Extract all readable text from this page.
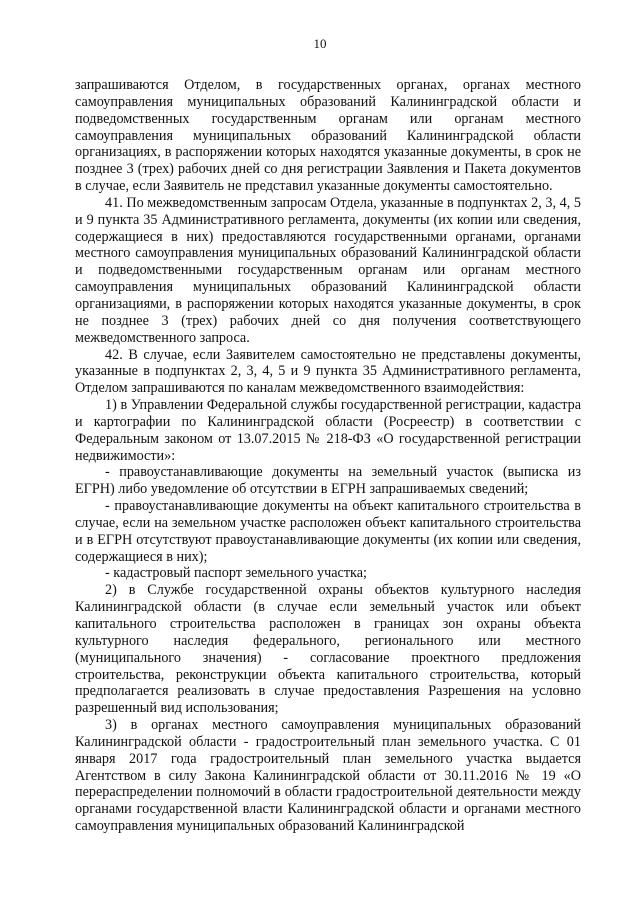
10

запрашиваются Отделом, в государственных органах, органах местного самоуправления муниципальных образований Калининградской области и подведомственных государственным органам или органам местного самоуправления муниципальных образований Калининградской области организациях, в распоряжении которых находятся указанные документы, в срок не позднее 3 (трех) рабочих дней со дня регистрации Заявления и Пакета документов в случае, если Заявитель не представил указанные документы самостоятельно.

41. По межведомственным запросам Отдела, указанные в подпунктах 2, 3, 4, 5 и 9 пункта 35 Административного регламента, документы (их копии или сведения, содержащиеся в них) предоставляются государственными органами, органами местного самоуправления муниципальных образований Калининградской области и подведомственными государственным органам или органам местного самоуправления муниципальных образований Калининградской области организациями, в распоряжении которых находятся указанные документы, в срок не позднее 3 (трех) рабочих дней со дня получения соответствующего межведомственного запроса.

42. В случае, если Заявителем самостоятельно не представлены документы, указанные в подпунктах 2, 3, 4, 5 и 9 пункта 35 Административного регламента, Отделом запрашиваются по каналам межведомственного взаимодействия:

1) в Управлении Федеральной службы государственной регистрации, кадастра и картографии по Калининградской области (Росреестр) в соответствии с Федеральным законом от 13.07.2015 № 218-ФЗ «О государственной регистрации недвижимости»:

- правоустанавливающие документы на земельный участок (выписка из ЕГРН) либо уведомление об отсутствии в ЕГРН запрашиваемых сведений;

- правоустанавливающие документы на объект капитального строительства в случае, если на земельном участке расположен объект капитального строительства и в ЕГРН отсутствуют правоустанавливающие документы (их копии или сведения, содержащиеся в них);

- кадастровый паспорт земельного участка;

2) в Службе государственной охраны объектов культурного наследия Калининградской области (в случае если земельный участок или объект капитального строительства расположен в границах зон охраны объекта культурного наследия федерального, регионального или местного (муниципального значения) - согласование проектного предложения строительства, реконструкции объекта капитального строительства, который предполагается реализовать в случае предоставления Разрешения на условно разрешенный вид использования;

3) в органах местного самоуправления муниципальных образований Калининградской области - градостроительный план земельного участка. С 01 января 2017 года градостроительный план земельного участка выдается Агентством в силу Закона Калининградской области от 30.11.2016 № 19 «О перераспределении полномочий в области градостроительной деятельности между органами государственной власти Калининградской области и органами местного самоуправления муниципальных образований Калининградской
